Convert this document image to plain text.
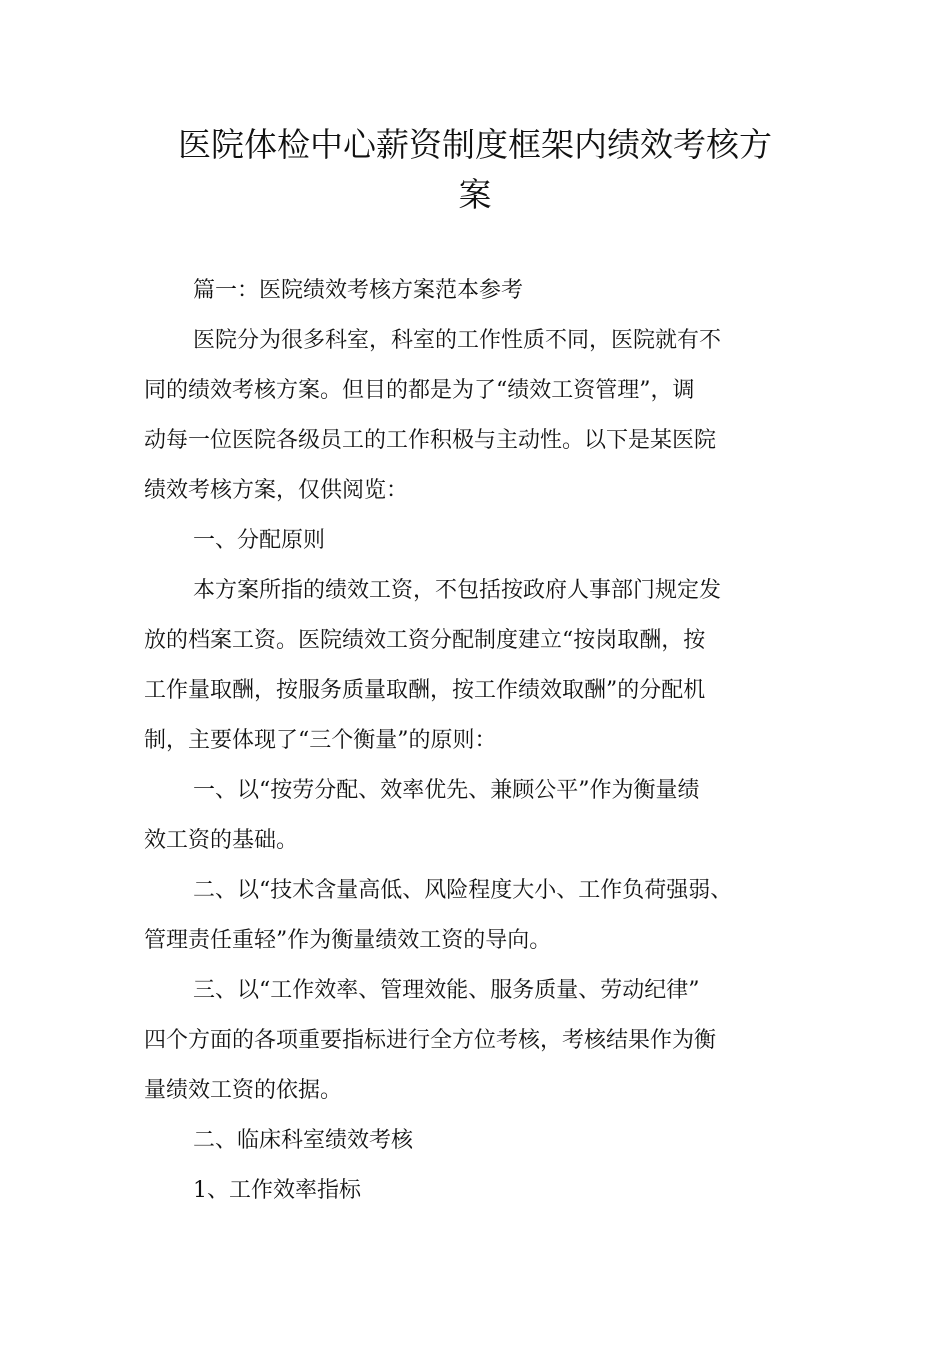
医院体检中心薪资制度框架内绩效考核方
案
篇一：医院绩效考核方案范本参考
医院分为很多科室，科室的工作性质不同，医院就有不
同的绩效考核方案。但目的都是为了“绩效工资管理”，调
动每一位医院各级员工的工作积极与主动性。以下是某医院
绩效考核方案，仅供阅览：
一、分配原则
本方案所指的绩效工资，不包括按政府人事部门规定发
放的档案工资。医院绩效工资分配制度建立“按岗取酬，按
工作量取酬，按服务质量取酬，按工作绩效取酬”的分配机
制，主要体现了“三个衡量”的原则：
一、以“按劳分配、效率优先、兼顾公平”作为衡量绩
效工资的基础。
二、以“技术含量高低、风险程度大小、工作负荷强弱、
管理责任重轻”作为衡量绩效工资的导向。
三、以“工作效率、管理效能、服务质量、劳动纪律”
四个方面的各项重要指标进行全方位考核，考核结果作为衡
量绩效工资的依据。
二、临床科室绩效考核
1、工作效率指标
